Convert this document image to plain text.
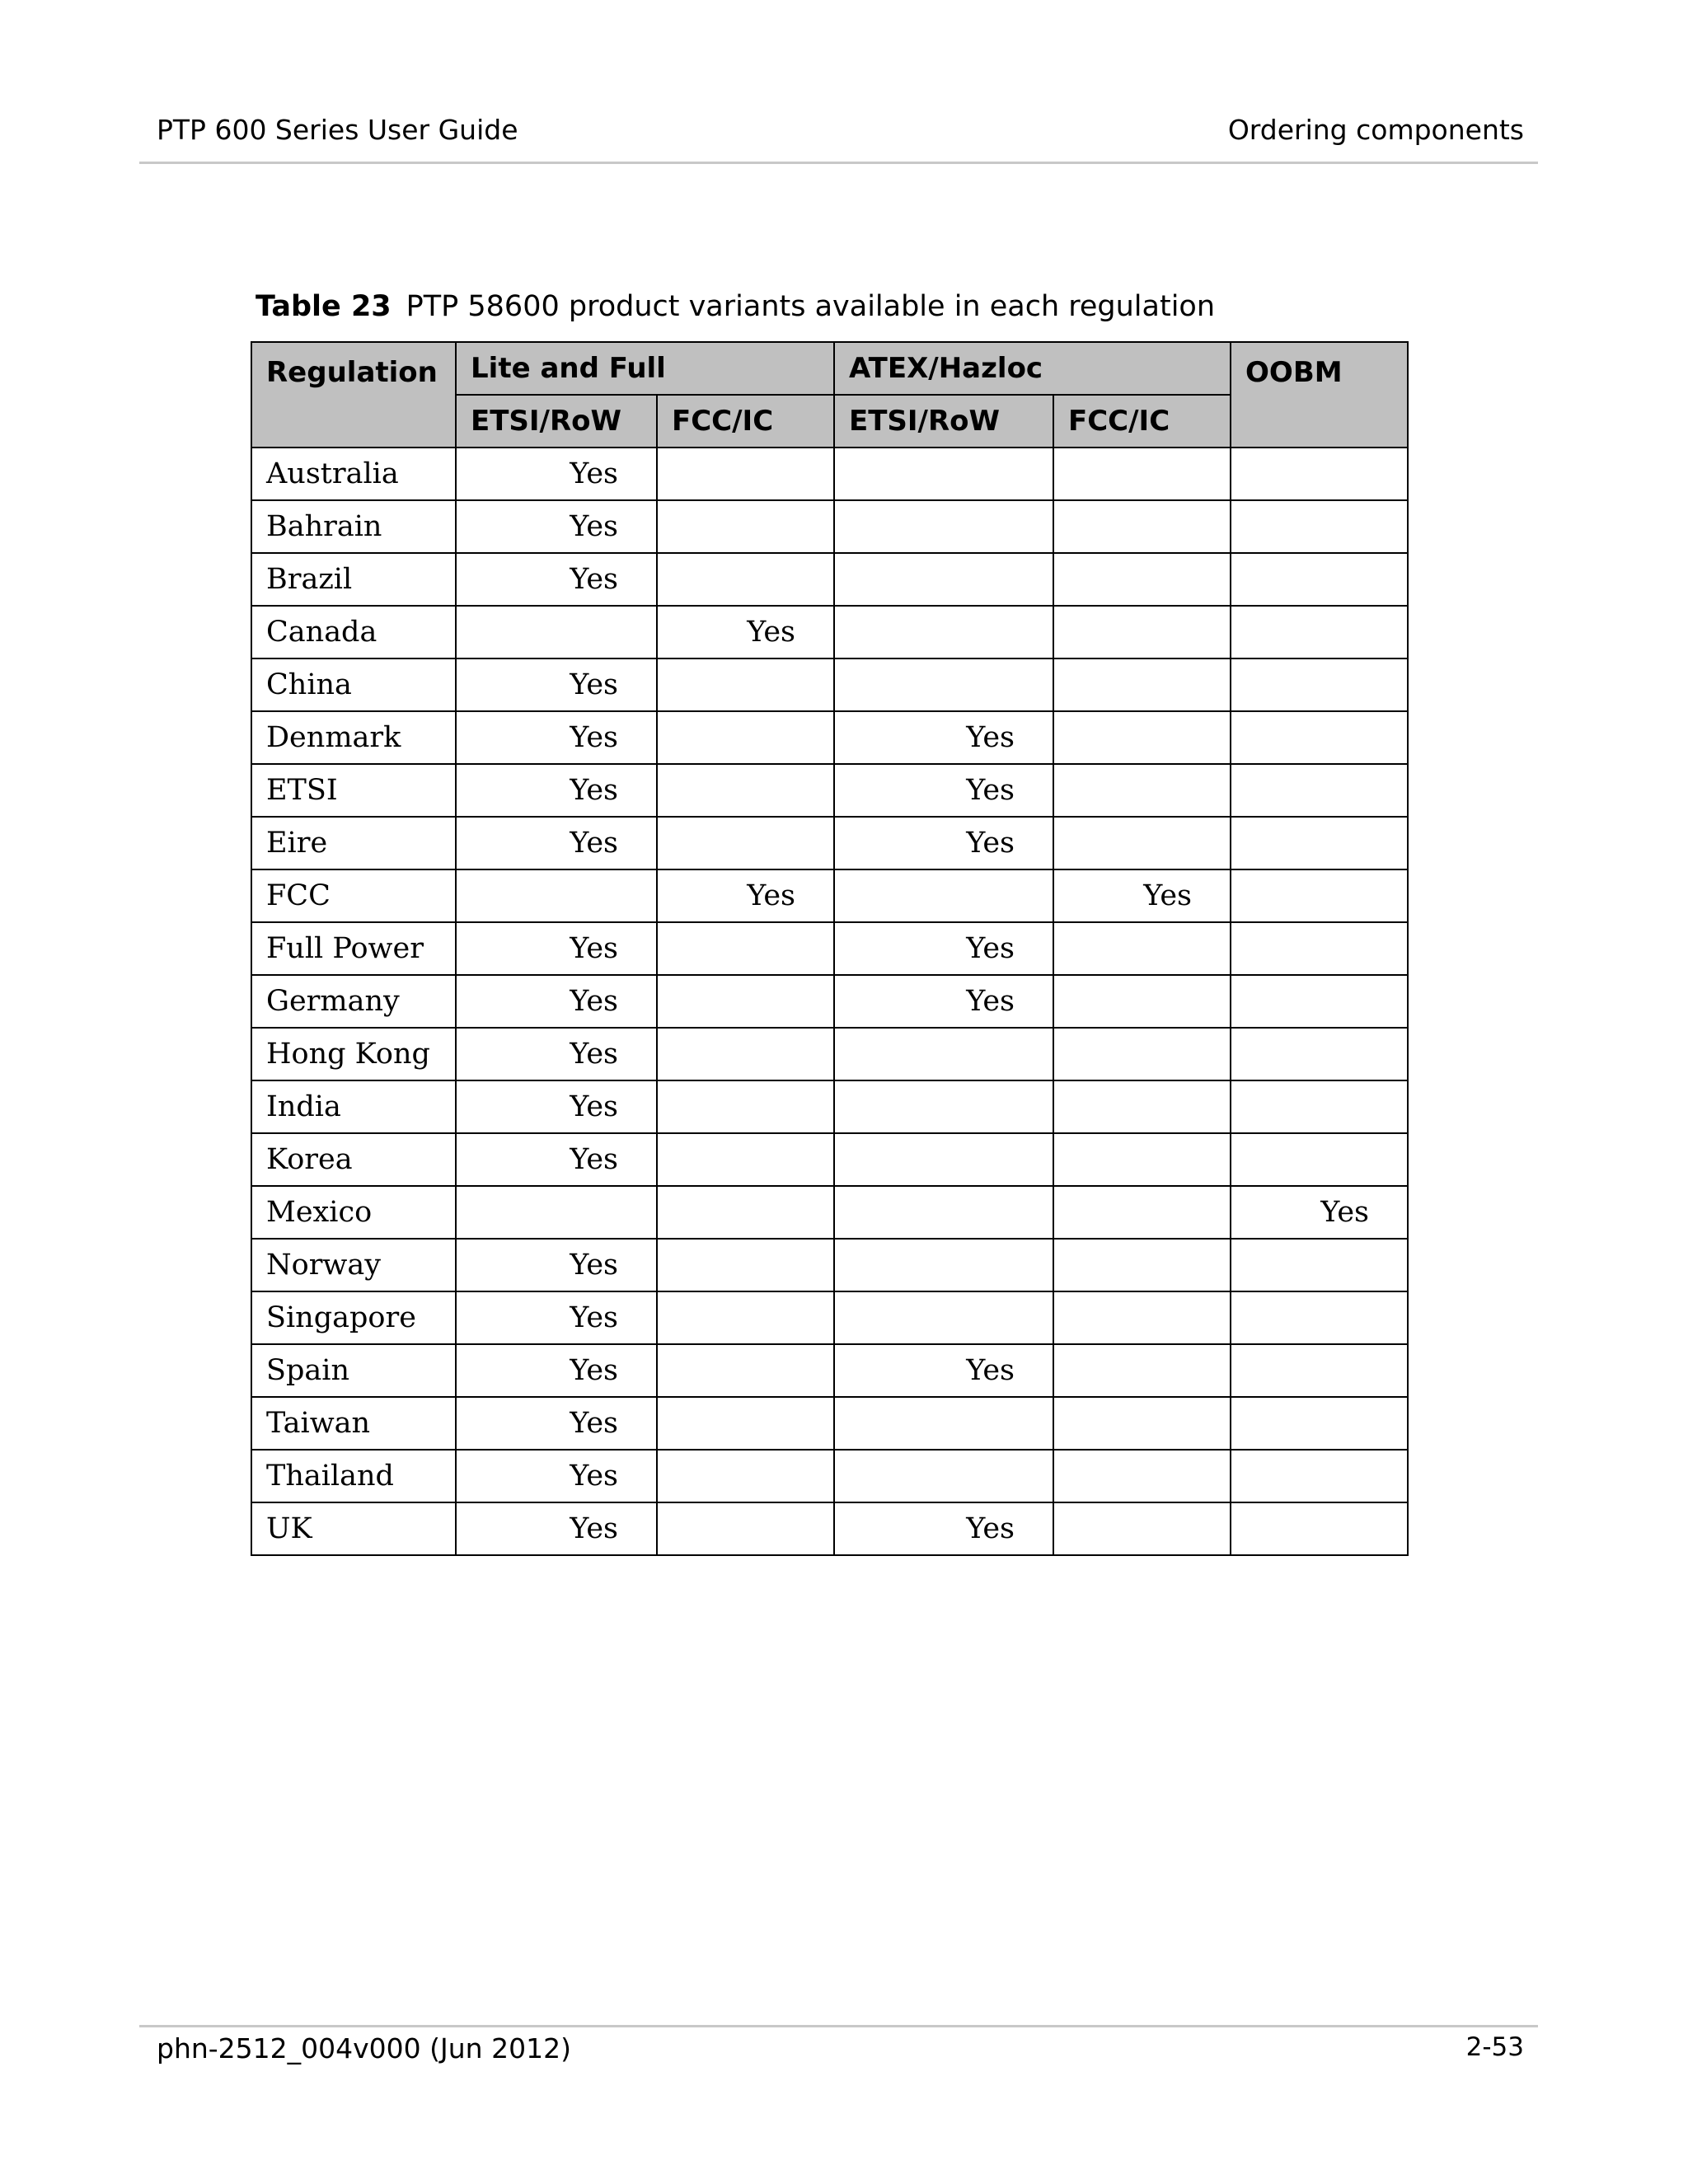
PTP 600 Series User Guide	Ordering components
Table 23 PTP 58600 product variants available in each regulation
Regulation	Lite and Full		ATEX/Hazloc		OOBM
	ETSI/RoW	FCC/IC	ETSI/RoW	FCC/IC	
Australia	Yes				
Bahrain	Yes				
Brazil	Yes				
Canada		Yes			
China	Yes				
Denmark	Yes		Yes		
ETSI	Yes		Yes		
Eire	Yes		Yes		
FCC		Yes		Yes	
Full Power	Yes		Yes		
Germany	Yes		Yes		
Hong Kong	Yes				
India	Yes				
Korea	Yes				
Mexico					Yes
Norway	Yes				
Singapore	Yes				
Spain	Yes		Yes		
Taiwan	Yes				
Thailand	Yes				
UK	Yes		Yes		
phn-2512_004v000 (Jun 2012)	2-53
